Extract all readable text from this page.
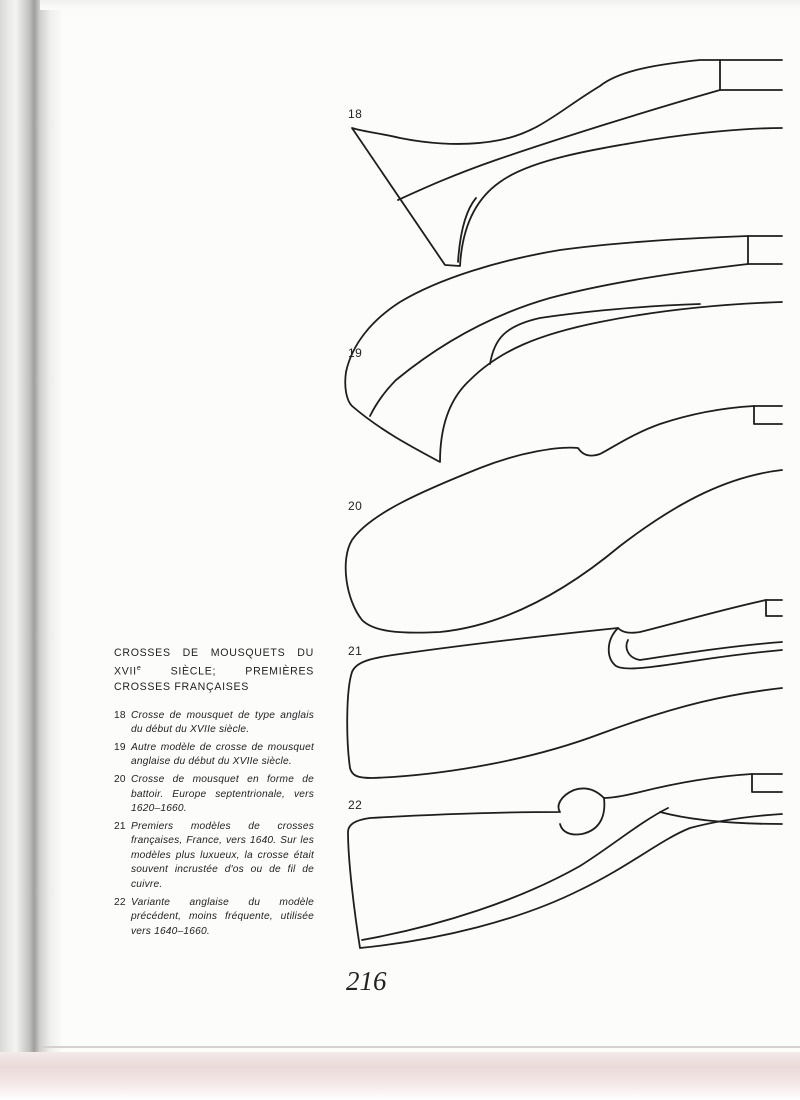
18
19
20
21
22
CROSSES DE MOUSQUETS DU XVIIe SIÈCLE; PREMIÈRES CROSSES FRANÇAISES
18 Crosse de mousquet de type anglais du début du XVIIe siècle.
19 Autre modèle de crosse de mousquet anglaise du début du XVIIe siècle.
20 Crosse de mousquet en forme de battoir. Europe septentrionale, vers 1620–1660.
21 Premiers modèles de crosses françaises, France, vers 1640. Sur les modèles plus luxueux, la crosse était souvent incrustée d'os ou de fil de cuivre.
22 Variante anglaise du modèle précédent, moins fréquente, utilisée vers 1640–1660.
216
